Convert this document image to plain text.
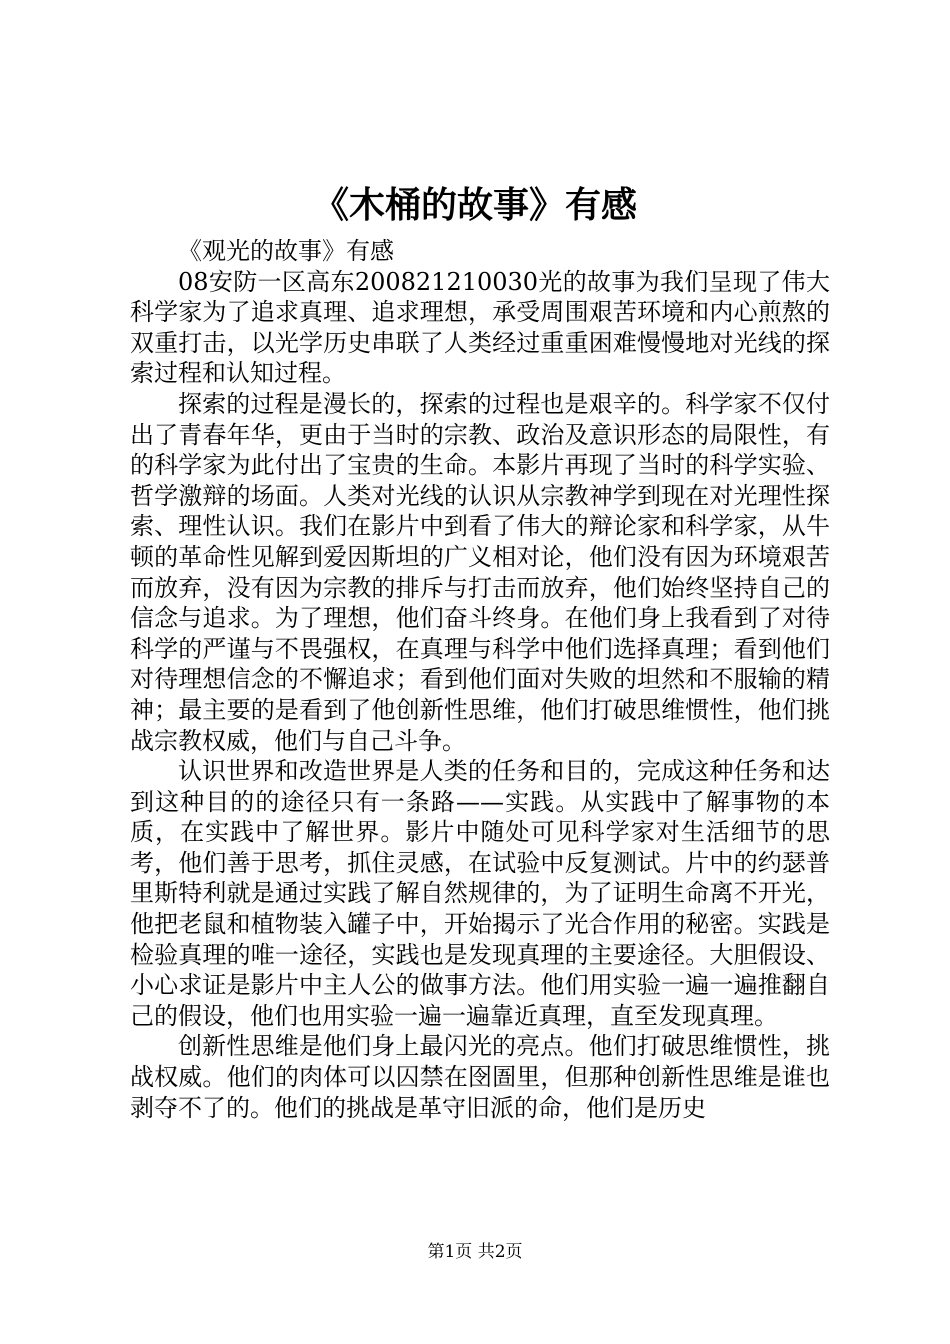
《木桶的故事》有感

《观光的故事》有感

08安防一区高东200821210030光的故事为我们呈现了伟大科学家为了追求真理、追求理想，承受周围艰苦环境和内心煎熬的双重打击，以光学历史串联了人类经过重重困难慢慢地对光线的探索过程和认知过程。

探索的过程是漫长的，探索的过程也是艰辛的。科学家不仅付出了青春年华，更由于当时的宗教、政治及意识形态的局限性，有的科学家为此付出了宝贵的生命。本影片再现了当时的科学实验、哲学激辩的场面。人类对光线的认识从宗教神学到现在对光理性探索、理性认识。我们在影片中到看了伟大的辩论家和科学家，从牛顿的革命性见解到爱因斯坦的广义相对论，他们没有因为环境艰苦而放弃，没有因为宗教的排斥与打击而放弃，他们始终坚持自己的信念与追求。为了理想，他们奋斗终身。在他们身上我看到了对待科学的严谨与不畏强权，在真理与科学中他们选择真理；看到他们对待理想信念的不懈追求；看到他们面对失败的坦然和不服输的精神；最主要的是看到了他创新性思维，他们打破思维惯性，他们挑战宗教权威，他们与自己斗争。

认识世界和改造世界是人类的任务和目的，完成这种任务和达到这种目的的途径只有一条路——实践。从实践中了解事物的本质，在实践中了解世界。影片中随处可见科学家对生活细节的思考，他们善于思考，抓住灵感，在试验中反复测试。片中的约瑟普里斯特利就是通过实践了解自然规律的，为了证明生命离不开光，他把老鼠和植物装入罐子中，开始揭示了光合作用的秘密。实践是检验真理的唯一途径，实践也是发现真理的主要途径。大胆假设、小心求证是影片中主人公的做事方法。他们用实验一遍一遍推翻自己的假设，他们也用实验一遍一遍靠近真理，直至发现真理。

创新性思维是他们身上最闪光的亮点。他们打破思维惯性，挑战权威。他们的肉体可以囚禁在囹圄里，但那种创新性思维是谁也剥夺不了的。他们的挑战是革守旧派的命，他们是历史

第1页 共2页
